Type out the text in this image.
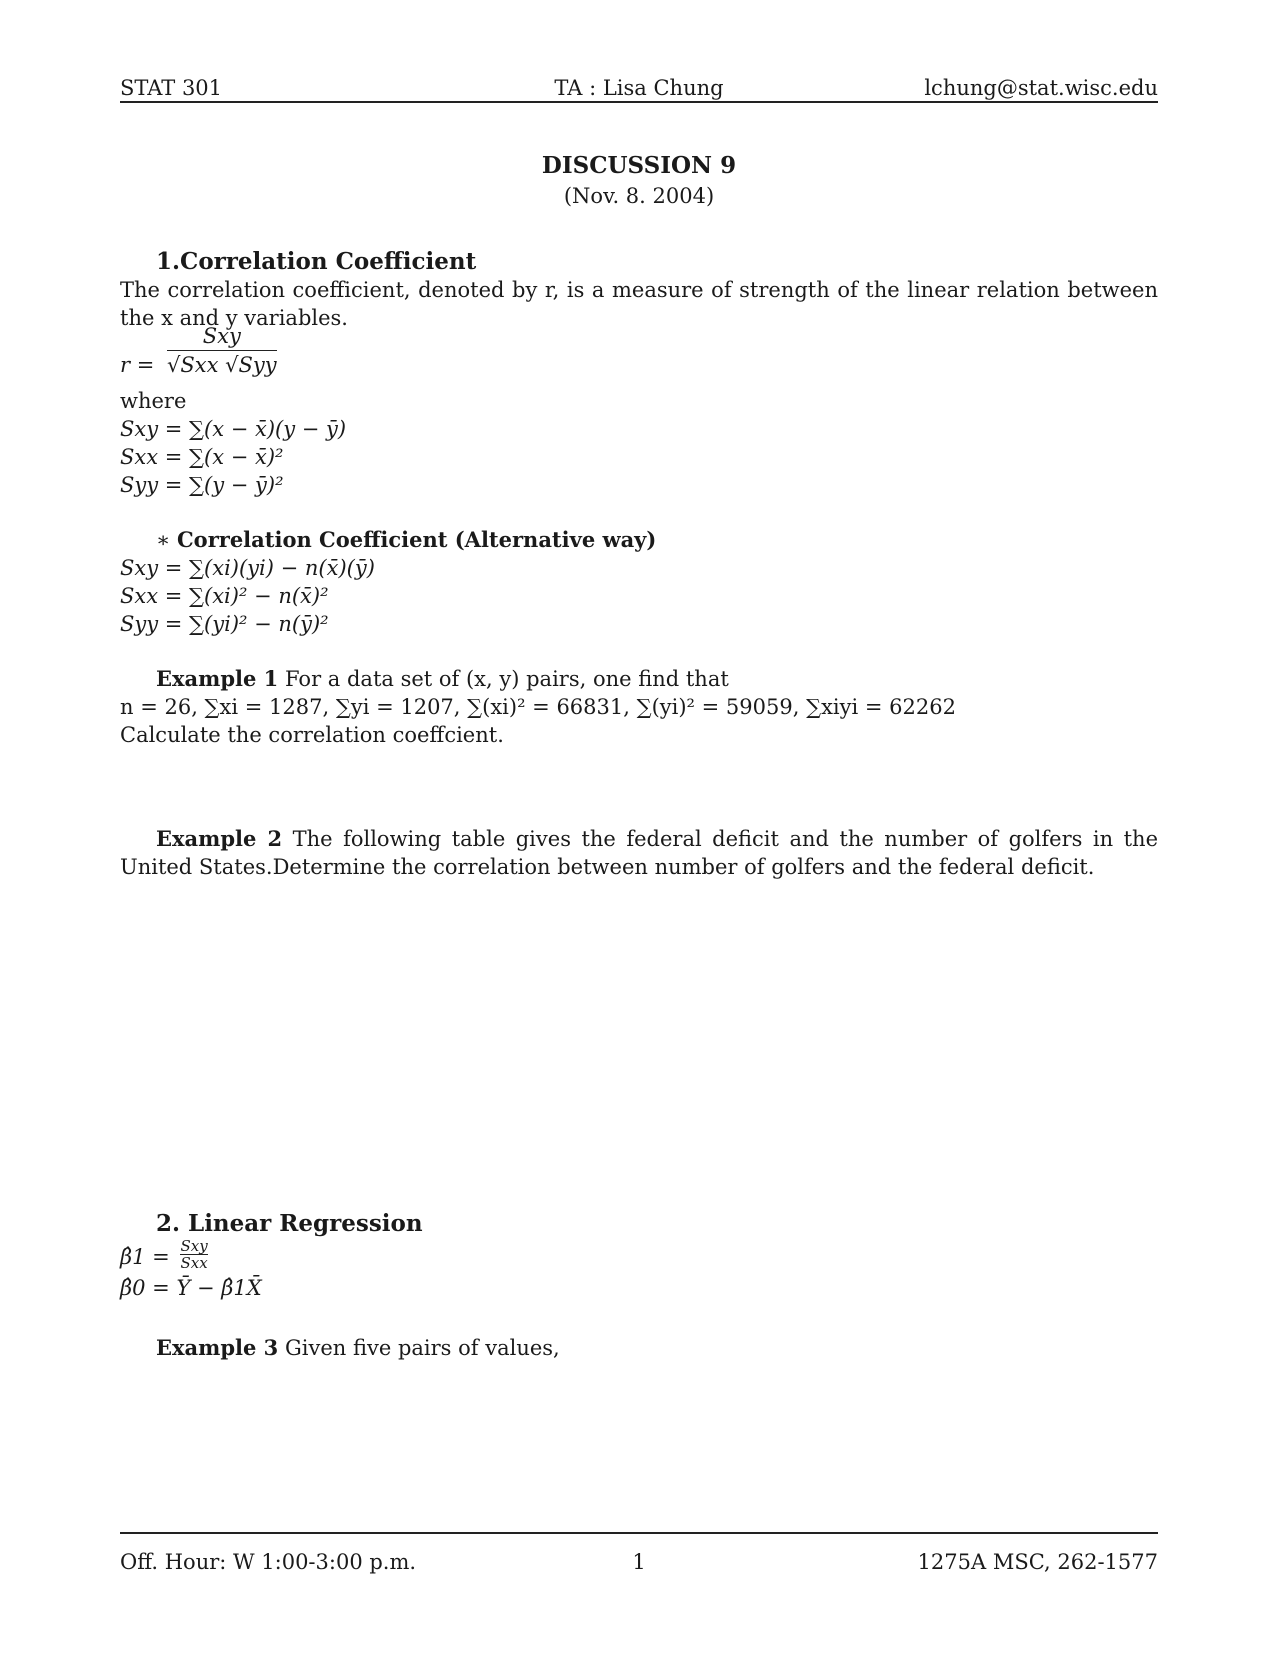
STAT 301	TA : Lisa Chung	lchung@stat.wisc.edu
DISCUSSION 9
(Nov. 8. 2004)
1.Correlation Coefficient
The correlation coefficient, denoted by r, is a measure of strength of the linear relation between the x and y variables.
$r = \frac{\text{Sxy}}{\text{√Sxx √Syy}}$
where
Sxy = ∑(x − x̄)(y − ȳ)
Sxx = ∑(x − x̄)²
Syy = ∑(y − ȳ)²
∗ Correlation Coefficient (Alternative way)
Sxy = ∑(xi)(yi) − n(x̄)(ȳ)
Sxx = ∑(xi)² − n(x̄)²
Syy = ∑(yi)² − n(ȳ)²
Example 1 For a data set of (x, y) pairs, one find that
n = 26, ∑xi = 1287, ∑yi = 1207, ∑(xi)² = 66831, ∑(yi)² = 59059, ∑xiyi = 62262
Calculate the correlation coeffcient.
Example 2 The following table gives the federal deficit and the number of golfers in the United States.Determine the correlation between number of golfers and the federal deficit.
2. Linear Regression
β̂1 = $\frac{\text{Sxy}}{\text{Sxx}}$
β̂0 = Ȳ − β̂1X̄
Example 3 Given five pairs of values,
Off. Hour: W 1:00-3:00 p.m.	1	1275A MSC, 262-1577
